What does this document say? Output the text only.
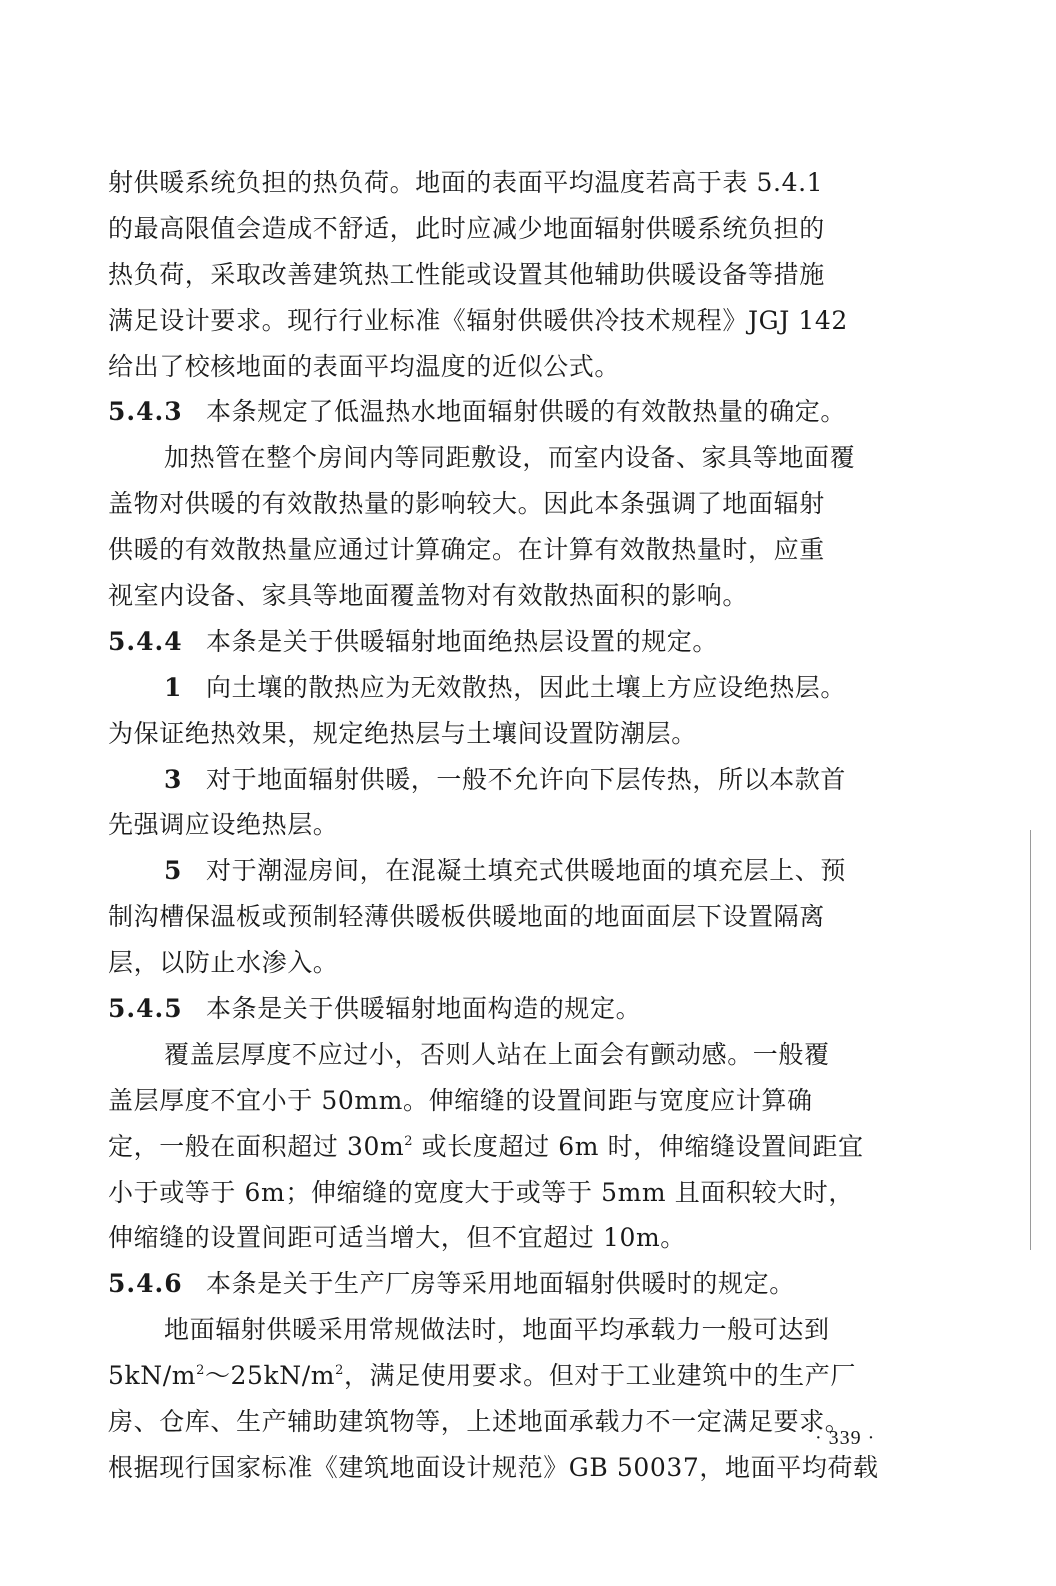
射供暖系统负担的热负荷。地面的表面平均温度若高于表 5.4.1
的最高限值会造成不舒适，此时应减少地面辐射供暖系统负担的
热负荷，采取改善建筑热工性能或设置其他辅助供暖设备等措施
满足设计要求。现行行业标准《辐射供暖供冷技术规程》JGJ 142
给出了校核地面的表面平均温度的近似公式。
5.4.3 本条规定了低温热水地面辐射供暖的有效散热量的确定。
加热管在整个房间内等同距敷设，而室内设备、家具等地面覆
盖物对供暖的有效散热量的影响较大。因此本条强调了地面辐射
供暖的有效散热量应通过计算确定。在计算有效散热量时，应重
视室内设备、家具等地面覆盖物对有效散热面积的影响。
5.4.4 本条是关于供暖辐射地面绝热层设置的规定。
1 向土壤的散热应为无效散热，因此土壤上方应设绝热层。
为保证绝热效果，规定绝热层与土壤间设置防潮层。
3 对于地面辐射供暖，一般不允许向下层传热，所以本款首
先强调应设绝热层。
5 对于潮湿房间，在混凝土填充式供暖地面的填充层上、预
制沟槽保温板或预制轻薄供暖板供暖地面的地面面层下设置隔离
层，以防止水渗入。
5.4.5 本条是关于供暖辐射地面构造的规定。
覆盖层厚度不应过小，否则人站在上面会有颤动感。一般覆
盖层厚度不宜小于 50mm。伸缩缝的设置间距与宽度应计算确
定，一般在面积超过 $30m^2$ 或长度超过 6m 时，伸缩缝设置间距宜
小于或等于 6m；伸缩缝的宽度大于或等于 5mm 且面积较大时，
伸缩缝的设置间距可适当增大，但不宜超过 10m。
5.4.6 本条是关于生产厂房等采用地面辐射供暖时的规定。
地面辐射供暖采用常规做法时，地面平均承载力一般可达到
$5kN/m^2\sim 25kN/m^2$，满足使用要求。但对于工业建筑中的生产厂
房、仓库、生产辅助建筑物等，上述地面承载力不一定满足要求。
根据现行国家标准《建筑地面设计规范》GB 50037，地面平均荷载
· 339 ·
